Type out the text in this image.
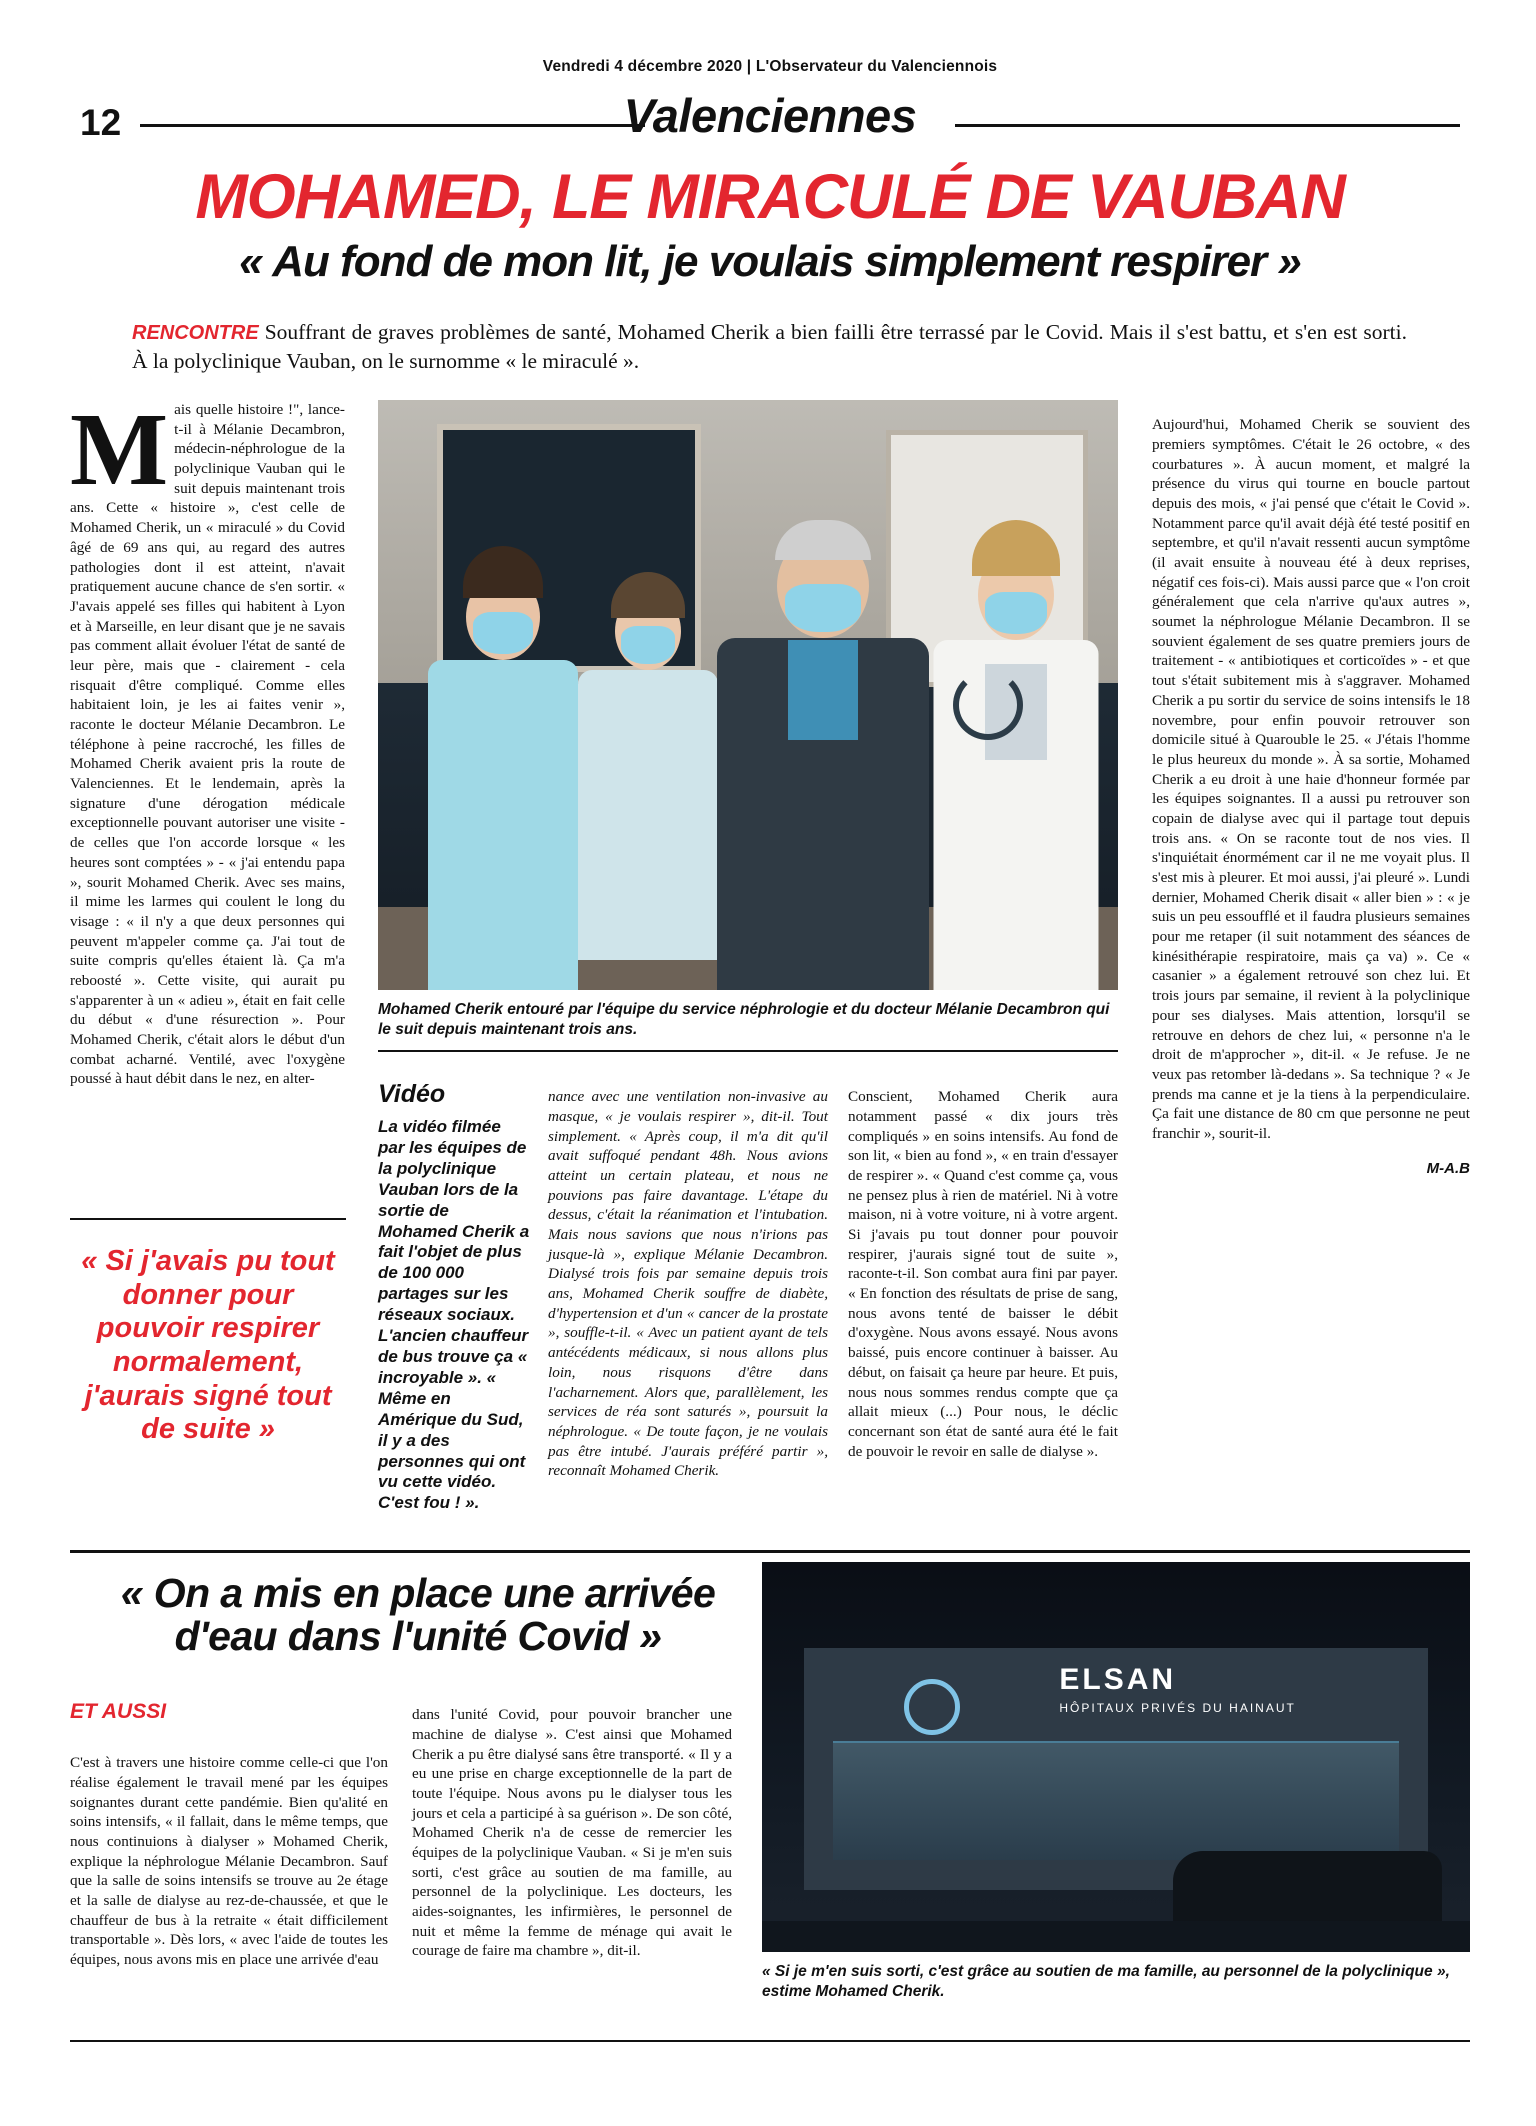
Vendredi 4 décembre 2020 | L'Observateur du Valenciennois
12	Valenciennes
MOHAMED, LE MIRACULÉ DE VAUBAN
« Au fond de mon lit, je voulais simplement respirer »
RENCONTRE Souffrant de graves problèmes de santé, Mohamed Cherik a bien failli être terrassé par le Covid. Mais il s'est battu, et s'en est sorti. À la polyclinique Vauban, on le surnomme « le miraculé ».

Mais quelle histoire !", lance-t-il à Mélanie Decambron, médecin-néphrologue de la polyclinique Vauban qui le suit depuis maintenant trois ans. Cette « histoire », c'est celle de Mohamed Cherik, un « miraculé » du Covid âgé de 69 ans qui, au regard des autres pathologies dont il est atteint, n'avait pratiquement aucune chance de s'en sortir. « J'avais appelé ses filles qui habitent à Lyon et à Marseille, en leur disant que je ne savais pas comment allait évoluer l'état de santé de leur père, mais que - clairement - cela risquait d'être compliqué. Comme elles habitaient loin, je les ai faites venir », raconte le docteur Mélanie Decambron. Le téléphone à peine raccroché, les filles de Mohamed Cherik avaient pris la route de Valenciennes. Et le lendemain, après la signature d'une dérogation médicale exceptionnelle pouvant autoriser une visite - de celles que l'on accorde lorsque « les heures sont comptées » - « j'ai entendu papa », sourit Mohamed Cherik. Avec ses mains, il mime les larmes qui coulent le long du visage : « il n'y a que deux personnes qui peuvent m'appeler comme ça. J'ai tout de suite compris qu'elles étaient là. Ça m'a reboosté ». Cette visite, qui aurait pu s'apparenter à un « adieu », était en fait celle du début « d'une résurection ». Pour Mohamed Cherik, c'était alors le début d'un combat acharné. Ventilé, avec l'oxygène poussé à haut débit dans le nez, en alter-

Mohamed Cherik entouré par l'équipe du service néphrologie et du docteur Mélanie Decambron qui le suit depuis maintenant trois ans.
« Si j'avais pu tout donner pour pouvoir respirer normalement, j'aurais signé tout de suite »
Vidéo

La vidéo filmée par les équipes de la polyclinique Vauban lors de la sortie de Mohamed Cherik a fait l'objet de plus de 100 000 partages sur les réseaux sociaux. L'ancien chauffeur de bus trouve ça « incroyable ». « Même en Amérique du Sud, il y a des personnes qui ont vu cette vidéo. C'est fou ! ».

nance avec une ventilation non-invasive au masque, « je voulais respirer », dit-il. Tout simplement. « Après coup, il m'a dit qu'il avait suffoqué pendant 48h. Nous avions atteint un certain plateau, et nous ne pouvions pas faire davantage. L'étape du dessus, c'était la réanimation et l'intubation. Mais nous savions que nous n'irions pas jusque-là », explique Mélanie Decambron. Dialysé trois fois par semaine depuis trois ans, Mohamed Cherik souffre de diabète, d'hypertension et d'un « cancer de la prostate », souffle-t-il. « Avec un patient ayant de tels antécédents médicaux, si nous allons plus loin, nous risquons d'être dans l'acharnement. Alors que, parallèlement, les services de réa sont saturés », poursuit la néphrologue. « De toute façon, je ne voulais pas être intubé. J'aurais préféré partir », reconnaît Mohamed Cherik.

Conscient, Mohamed Cherik aura notamment passé « dix jours très compliqués » en soins intensifs. Au fond de son lit, « bien au fond », « en train d'essayer de respirer ». « Quand c'est comme ça, vous ne pensez plus à rien de matériel. Ni à votre maison, ni à votre voiture, ni à votre argent. Si j'avais pu tout donner pour pouvoir respirer, j'aurais signé tout de suite », raconte-t-il. Son combat aura fini par payer. « En fonction des résultats de prise de sang, nous avons tenté de baisser le débit d'oxygène. Nous avons essayé. Nous avons baissé, puis encore continuer à baisser. Au début, on faisait ça heure par heure. Et puis, nous nous sommes rendus compte que ça allait mieux (...) Pour nous, le déclic concernant son état de santé aura été le fait de pouvoir le revoir en salle de dialyse ».

Aujourd'hui, Mohamed Cherik se souvient des premiers symptômes. C'était le 26 octobre, « des courbatures ». À aucun moment, et malgré la présence du virus qui tourne en boucle partout depuis des mois, « j'ai pensé que c'était le Covid ». Notamment parce qu'il avait déjà été testé positif en septembre, et qu'il n'avait ressenti aucun symptôme (il avait ensuite à nouveau été à deux reprises, négatif ces fois-ci). Mais aussi parce que « l'on croit généralement que cela n'arrive qu'aux autres », soumet la néphrologue Mélanie Decambron. Il se souvient également de ses quatre premiers jours de traitement - « antibiotiques et corticoïdes » - et que tout s'était subitement mis à s'aggraver. Mohamed Cherik a pu sortir du service de soins intensifs le 18 novembre, pour enfin pouvoir retrouver son domicile situé à Quarouble le 25. « J'étais l'homme le plus heureux du monde ». À sa sortie, Mohamed Cherik a eu droit à une haie d'honneur formée par les équipes soignantes. Il a aussi pu retrouver son copain de dialyse avec qui il partage tout depuis trois ans. « On se raconte tout de nos vies. Il s'inquiétait énormément car il ne me voyait plus. Il s'est mis à pleurer. Et moi aussi, j'ai pleuré ». Lundi dernier, Mohamed Cherik disait « aller bien » : « je suis un peu essoufflé et il faudra plusieurs semaines pour me retaper (il suit notamment des séances de kinésithérapie respiratoire, mais ça va) ». Ce « casanier » a également retrouvé son chez lui. Et trois jours par semaine, il revient à la polyclinique pour ses dialyses. Mais attention, lorsqu'il se retrouve en dehors de chez lui, « personne n'a le droit de m'approcher », dit-il. « Je refuse. Je ne veux pas retomber là-dedans ». Sa technique ? « Je prends ma canne et je la tiens à la perpendiculaire. Ça fait une distance de 80 cm que personne ne peut franchir », sourit-il.

M-A.B
« On a mis en place une arrivée d'eau dans l'unité Covid »
ET AUSSI

C'est à travers une histoire comme celle-ci que l'on réalise également le travail mené par les équipes soignantes durant cette pandémie. Bien qu'alité en soins intensifs, « il fallait, dans le même temps, que nous continuions à dialyser » Mohamed Cherik, explique la néphrologue Mélanie Decambron. Sauf que la salle de soins intensifs se trouve au 2e étage et la salle de dialyse au rez-de-chaussée, et que le chauffeur de bus à la retraite « était difficilement transportable ». Dès lors, « avec l'aide de toutes les équipes, nous avons mis en place une arrivée d'eau

dans l'unité Covid, pour pouvoir brancher une machine de dialyse ». C'est ainsi que Mohamed Cherik a pu être dialysé sans être transporté. « Il y a eu une prise en charge exceptionnelle de la part de toute l'équipe. Nous avons pu le dialyser tous les jours et cela a participé à sa guérison ». De son côté, Mohamed Cherik n'a de cesse de remercier les équipes de la polyclinique Vauban. « Si je m'en suis sorti, c'est grâce au soutien de ma famille, au personnel de la polyclinique. Les docteurs, les aides-soignantes, les infirmières, le personnel de nuit et même la femme de ménage qui avait le courage de faire ma chambre », dit-il.

ELSAN
HÔPITAUX PRIVÉS DU HAINAUT
« Si je m'en suis sorti, c'est grâce au soutien de ma famille, au personnel de la polyclinique », estime Mohamed Cherik.
